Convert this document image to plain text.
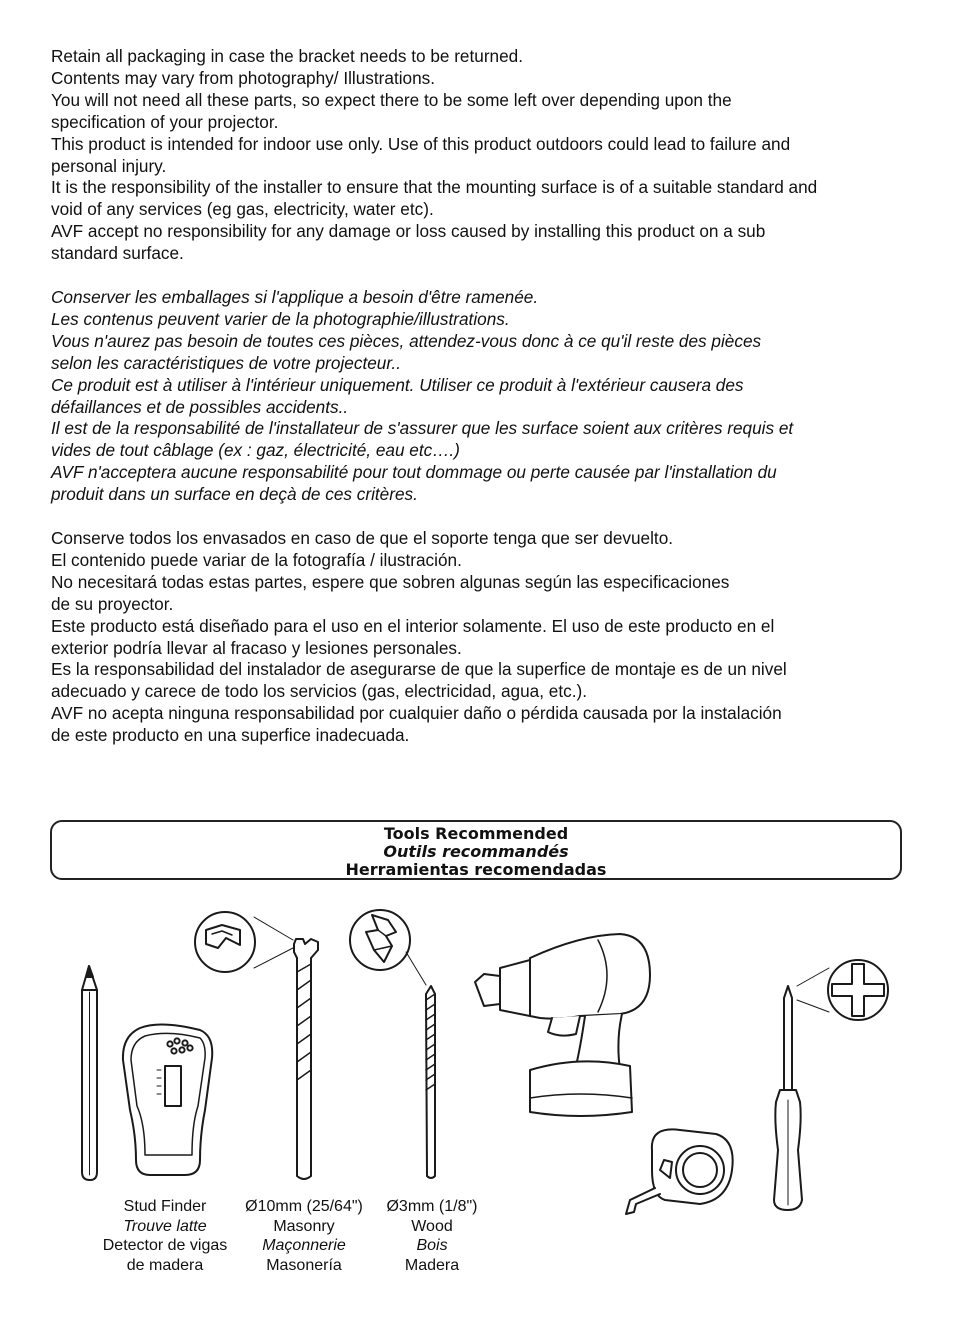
Retain all packaging in case the bracket needs to be returned.

Contents may vary from photography/ Illustrations.

You will not need all these parts, so expect there to be some left over depending upon the

specification of your projector.

This product is intended for indoor use only. Use of this product outdoors could lead to failure and

personal injury.

It is the responsibility of the installer to ensure that the mounting surface is of a suitable standard and

void of any services (eg gas, electricity, water etc).

AVF accept no responsibility for any damage or loss caused by installing this product on a sub

standard surface.

Conserver les emballages si l'applique a besoin d'être ramenée.

Les contenus peuvent varier de la photographie/illustrations.

Vous n'aurez pas besoin de toutes ces pièces, attendez-vous donc à ce qu'il reste des pièces

selon les caractéristiques de votre projecteur..

Ce produit est à utiliser à l'intérieur uniquement. Utiliser ce produit à l'extérieur causera des

défaillances et de possibles accidents..

Il est de la responsabilité de l'installateur de s'assurer que les surface soient aux critères requis et

vides de tout câblage (ex : gaz, électricité, eau etc….)

AVF n'acceptera aucune responsabilité pour tout dommage ou perte causée par l'installation du

produit dans un surface en deçà de ces critères.

Conserve todos los envasados en caso de que el soporte tenga que ser devuelto.

El contenido puede variar de la fotografía / ilustración.

No necesitará todas estas partes, espere que sobren algunas según las especificaciones

de su proyector.

Este producto está diseñado para el uso en el interior solamente. El uso de este producto en el

exterior podría llevar al fracaso y lesiones personales.

Es la responsabilidad del instalador de asegurarse de que la superfice de montaje es de un nivel

adecuado y carece de todo los servicios (gas, electricidad, agua, etc.).

AVF no acepta ninguna responsabilidad por cualquier daño o pérdida causada por la instalación

de este producto en una superfice inadecuada.

Tools Recommended
Outils recommandés
Herramientas recomendadas
Stud Finder
Trouve latte
Detector de vigas
de madera
Ø10mm (25/64")
Masonry
Maçonnerie
Masonería
Ø3mm (1/8")
Wood
Bois
Madera
